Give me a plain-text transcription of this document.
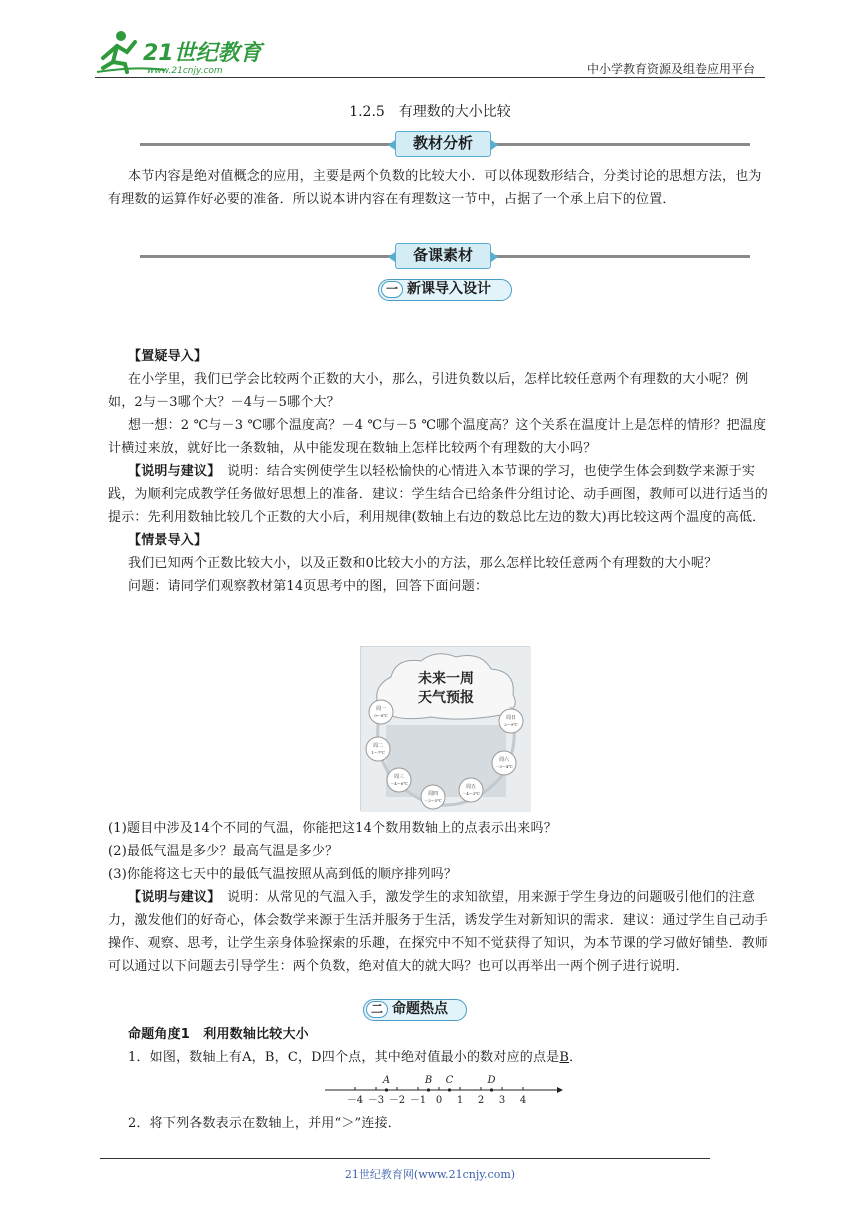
21世纪教育
www.21cnjy.com	中小学教育资源及组卷应用平台
1.2.5　有理数的大小比较
教材分析
本节内容是绝对值概念的应用，主要是两个负数的比较大小．可以体现数形结合，分类讨论的思想方法，也为有理数的运算作好必要的准备．所以说本讲内容在有理数这一节中，占据了一个承上启下的位置．
备课素材
一 新课导入设计
【置疑导入】
在小学里，我们已学会比较两个正数的大小，那么，引进负数以后，怎样比较任意两个有理数的大小呢？例如，2与－3哪个大？－4与－5哪个大？
想一想：2 ℃与－3 ℃哪个温度高？－4 ℃与－5 ℃哪个温度高？这个关系在温度计上是怎样的情形？把温度计横过来放，就好比一条数轴，从中能发现在数轴上怎样比较两个有理数的大小吗？
【说明与建议】　 说明：结合实例使学生以轻松愉快的心情进入本节课的学习，也使学生体会到数学来源于实践，为顺利完成教学任务做好思想上的准备．建议：学生结合已给条件分组讨论、动手画图，教师可以进行适当的提示：先利用数轴比较几个正数的大小后，利用规律(数轴上右边的数总比左边的数大)再比较这两个温度的高低．
【情景导入】
我们已知两个正数比较大小，以及正数和0比较大小的方法，那么怎样比较任意两个有理数的大小呢？
问题：请同学们观察教材第14页思考中的图，回答下面问题：
未来一周
天气预报
周一
0～8℃
周二
1～7℃
周三
－4～6℃
周四
－2～5℃
周五
－4～3℃
周六
－3～4℃
周日
2～9℃
(1)题目中涉及14个不同的气温，你能把这14个数用数轴上的点表示出来吗？
(2)最低气温是多少？最高气温是多少？
(3)你能将这七天中的最低气温按照从高到低的顺序排列吗？
【说明与建议】　 说明：从常见的气温入手，激发学生的求知欲望，用来源于学生身边的问题吸引他们的注意力，激发他们的好奇心，体会数学来源于生活并服务于生活，诱发学生对新知识的需求．建议：通过学生自己动手操作、观察、思考，让学生亲身体验探索的乐趣，在探究中不知不觉获得了知识，为本节课的学习做好铺垫．教师可以通过以下问题去引导学生：两个负数，绝对值大的就大吗？也可以再举出一两个例子进行说明．
二 命题热点
命题角度1　利用数轴比较大小
1．如图，数轴上有A，B，C，D四个点，其中绝对值最小的数对应的点是B．
－4 －3 －2 －1 0 1 2 3 4
A	B C	D
2．将下列各数表示在数轴上，并用“＞”连接．
21世纪教育网(www.21cnjy.com)
